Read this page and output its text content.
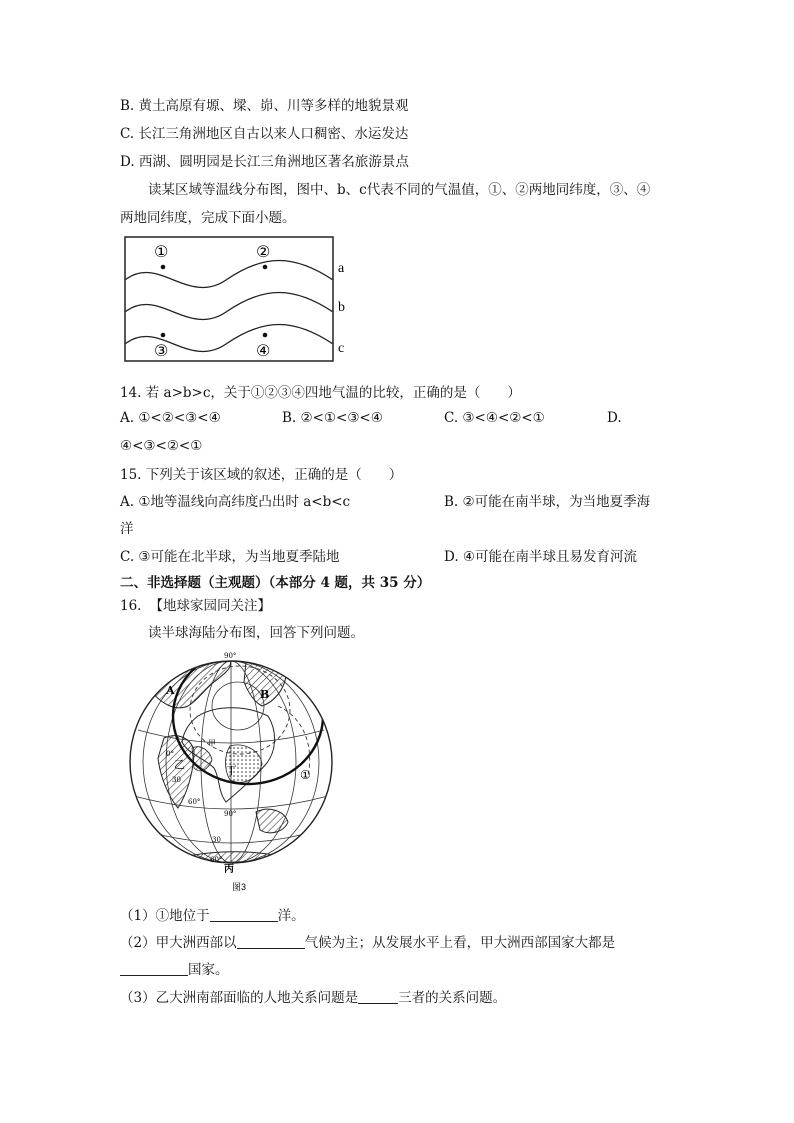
B. 黄土高原有塬、墚、峁、川等多样的地貌景观
C. 长江三角洲地区自古以来人口稠密、水运发达
D. 西湖、圆明园是长江三角洲地区著名旅游景点
读某区域等温线分布图，图中、b、c代表不同的气温值，①、②两地同纬度，③、④
两地同纬度，完成下面小题。
①	②
③	④
a
b
c
14. 若 a>b>c，关于①②③④四地气温的比较，正确的是（　　）
A. ①<②<③<④	B. ②<①<③<④	C. ③<④<②<①	D.
④<③<②<①
15. 下列关于该区域的叙述，正确的是（　　）
A. ①地等温线向高纬度凸出时 a<b<c	B. ②可能在南半球，为当地夏季海
洋
C. ③可能在北半球，为当地夏季陆地	D. ④可能在南半球且易发育河流
二、非选择题（主观题）（本部分 4 题，共 35 分）
16. 【地球家园同关注】
读半球海陆分布图，回答下列问题。
90°
A	B
甲
丁
乙
丙
①
0°
30
60°
90°
30
60°
图3
（1）①地位于	洋。
（2）甲大洲西部以	气候为主；从发展水平上看，甲大洲西部国家大都是
国家。
（3）乙大洲南部面临的人地关系问题是	三者的关系问题。
